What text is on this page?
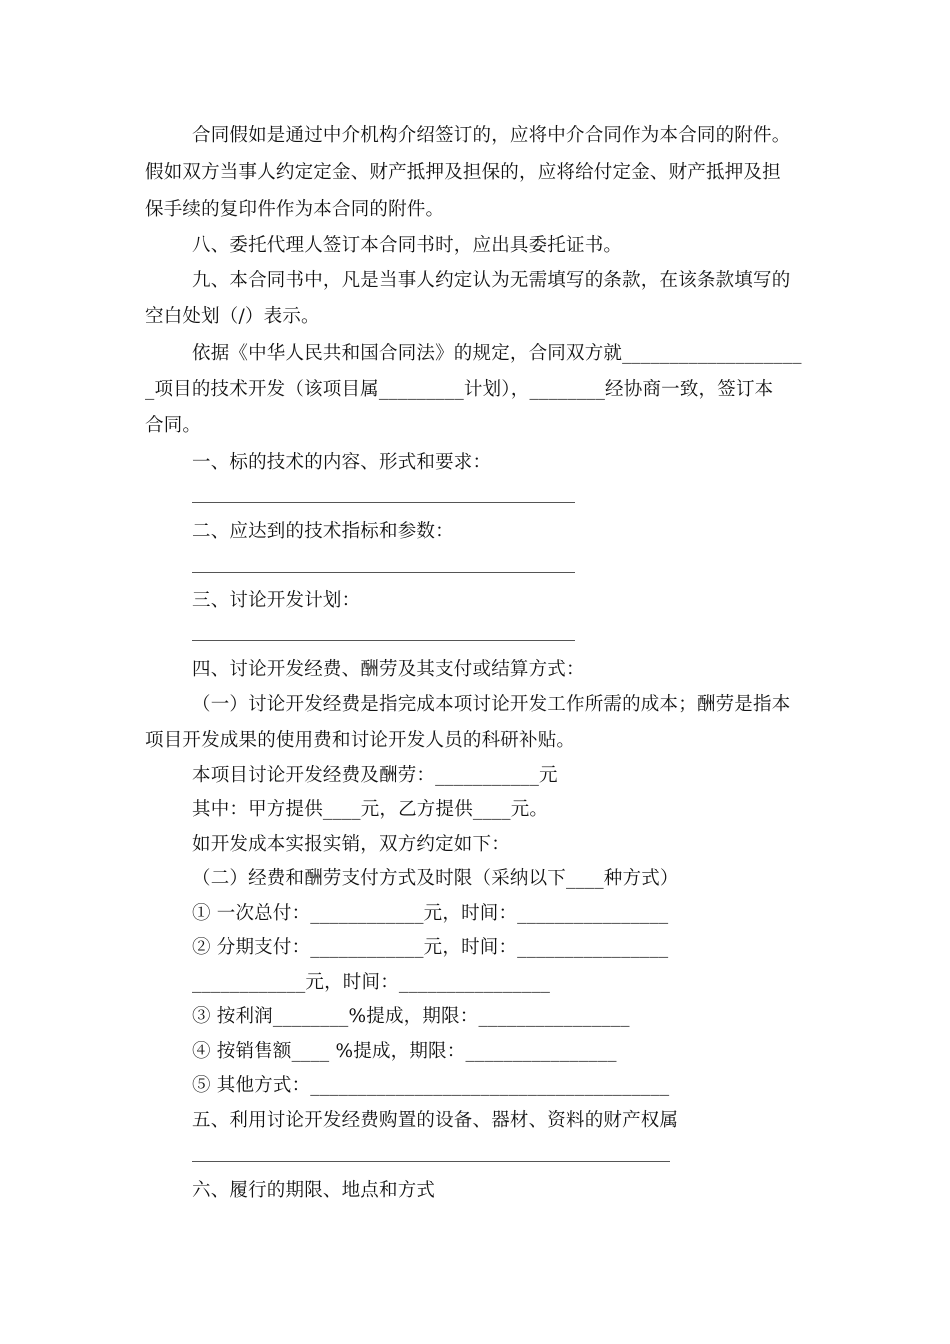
合同假如是通过中介机构介绍签订的，应将中介合同作为本合同的附件。
假如双方当事人约定定金、财产抵押及担保的，应将给付定金、财产抵押及担
保手续的复印件作为本合同的附件。
八、委托代理人签订本合同书时，应出具委托证书。
九、本合同书中，凡是当事人约定认为无需填写的条款，在该条款填写的
空白处划（/）表示。
依据《中华人民共和国合同法》的规定，合同双方就___________________
_项目的技术开发（该项目属_________计划），________经协商一致，签订本
合同。
一、标的技术的内容、形式和要求：
二、应达到的技术指标和参数：
三、讨论开发计划：
四、讨论开发经费、酬劳及其支付或结算方式：
（一）讨论开发经费是指完成本项讨论开发工作所需的成本；酬劳是指本
项目开发成果的使用费和讨论开发人员的科研补贴。
本项目讨论开发经费及酬劳：___________元
其中：甲方提供____元，乙方提供____元。
如开发成本实报实销，双方约定如下：
（二）经费和酬劳支付方式及时限（采纳以下____种方式）
① 一次总付：____________元，时间：________________
② 分期支付：____________元，时间：________________
____________元，时间：________________
③ 按利润________%提成，期限：________________
④ 按销售额____ %提成，期限：________________
⑤ 其他方式：______________________________________
五、利用讨论开发经费购置的设备、器材、资料的财产权属
六、履行的期限、地点和方式
